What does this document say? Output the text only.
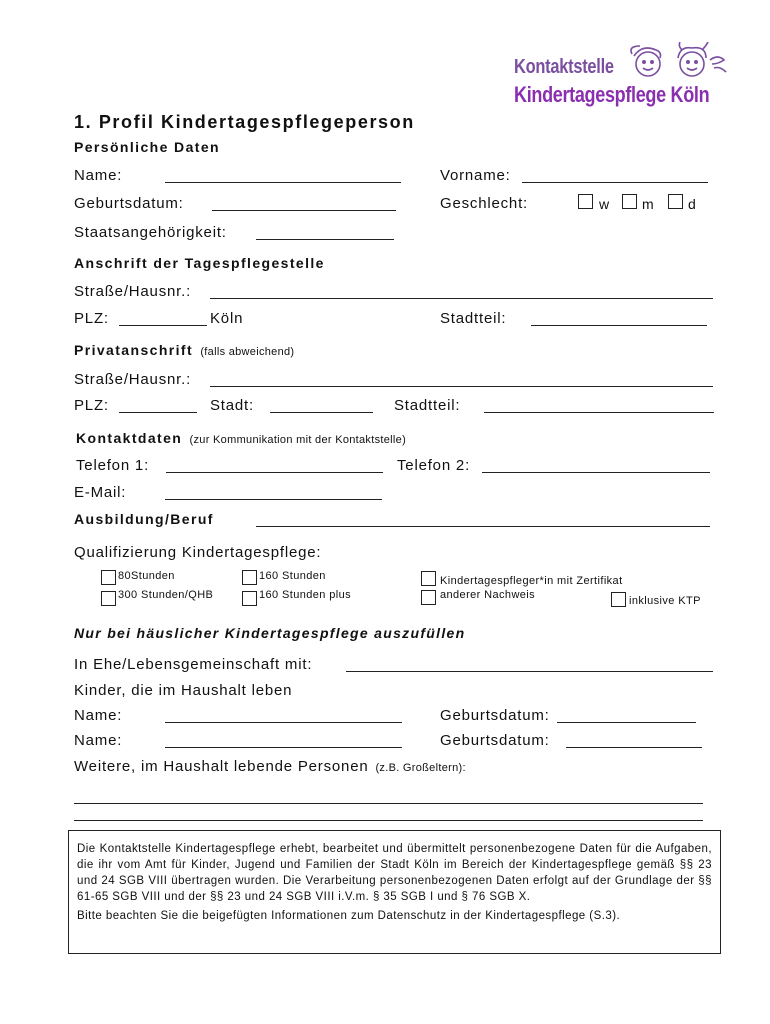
Kontaktstelle
Kindertagespflege Köln
1. Profil Kindertagespflegeperson
Persönliche Daten
Name:	Vorname:
Geburtsdatum:	Geschlecht:	w m d
Staatsangehörigkeit:
Anschrift der Tagespflegestelle
Straße/Hausnr.:
PLZ:	Köln	Stadtteil:
Privatanschrift (falls abweichend)
Straße/Hausnr.:
PLZ:	Stadt:	Stadtteil:
Kontaktdaten (zur Kommunikation mit der Kontaktstelle)
Telefon 1:	Telefon 2:
E-Mail:
Ausbildung/Beruf
Qualifizierung Kindertagespflege:
80Stunden	160 Stunden	Kindertagespfleger*in mit Zertifikat
300 Stunden/QHB	160 Stunden plus	anderer Nachweis	inklusive KTP
Nur bei häuslicher Kindertagespflege auszufüllen
In Ehe/Lebensgemeinschaft mit:
Kinder, die im Haushalt leben
Name:	Geburtsdatum:
Name:	Geburtsdatum:
Weitere, im Haushalt lebende Personen (z.B. Großeltern):

Die Kontaktstelle Kindertagespflege erhebt, bearbeitet und übermittelt personenbezogene Daten für die Aufgaben, die ihr vom Amt für Kinder, Jugend und Familien der Stadt Köln im Bereich der Kindertagespflege gemäß §§ 23 und 24 SGB VIII übertragen wurden. Die Verarbeitung personenbezogenen Daten erfolgt auf der Grundlage der §§ 61-65 SGB VIII und der §§ 23 und 24 SGB VIII i.V.m. § 35 SGB I und § 76 SGB X.

Bitte beachten Sie die beigefügten Informationen zum Datenschutz in der Kindertagespflege (S.3).
